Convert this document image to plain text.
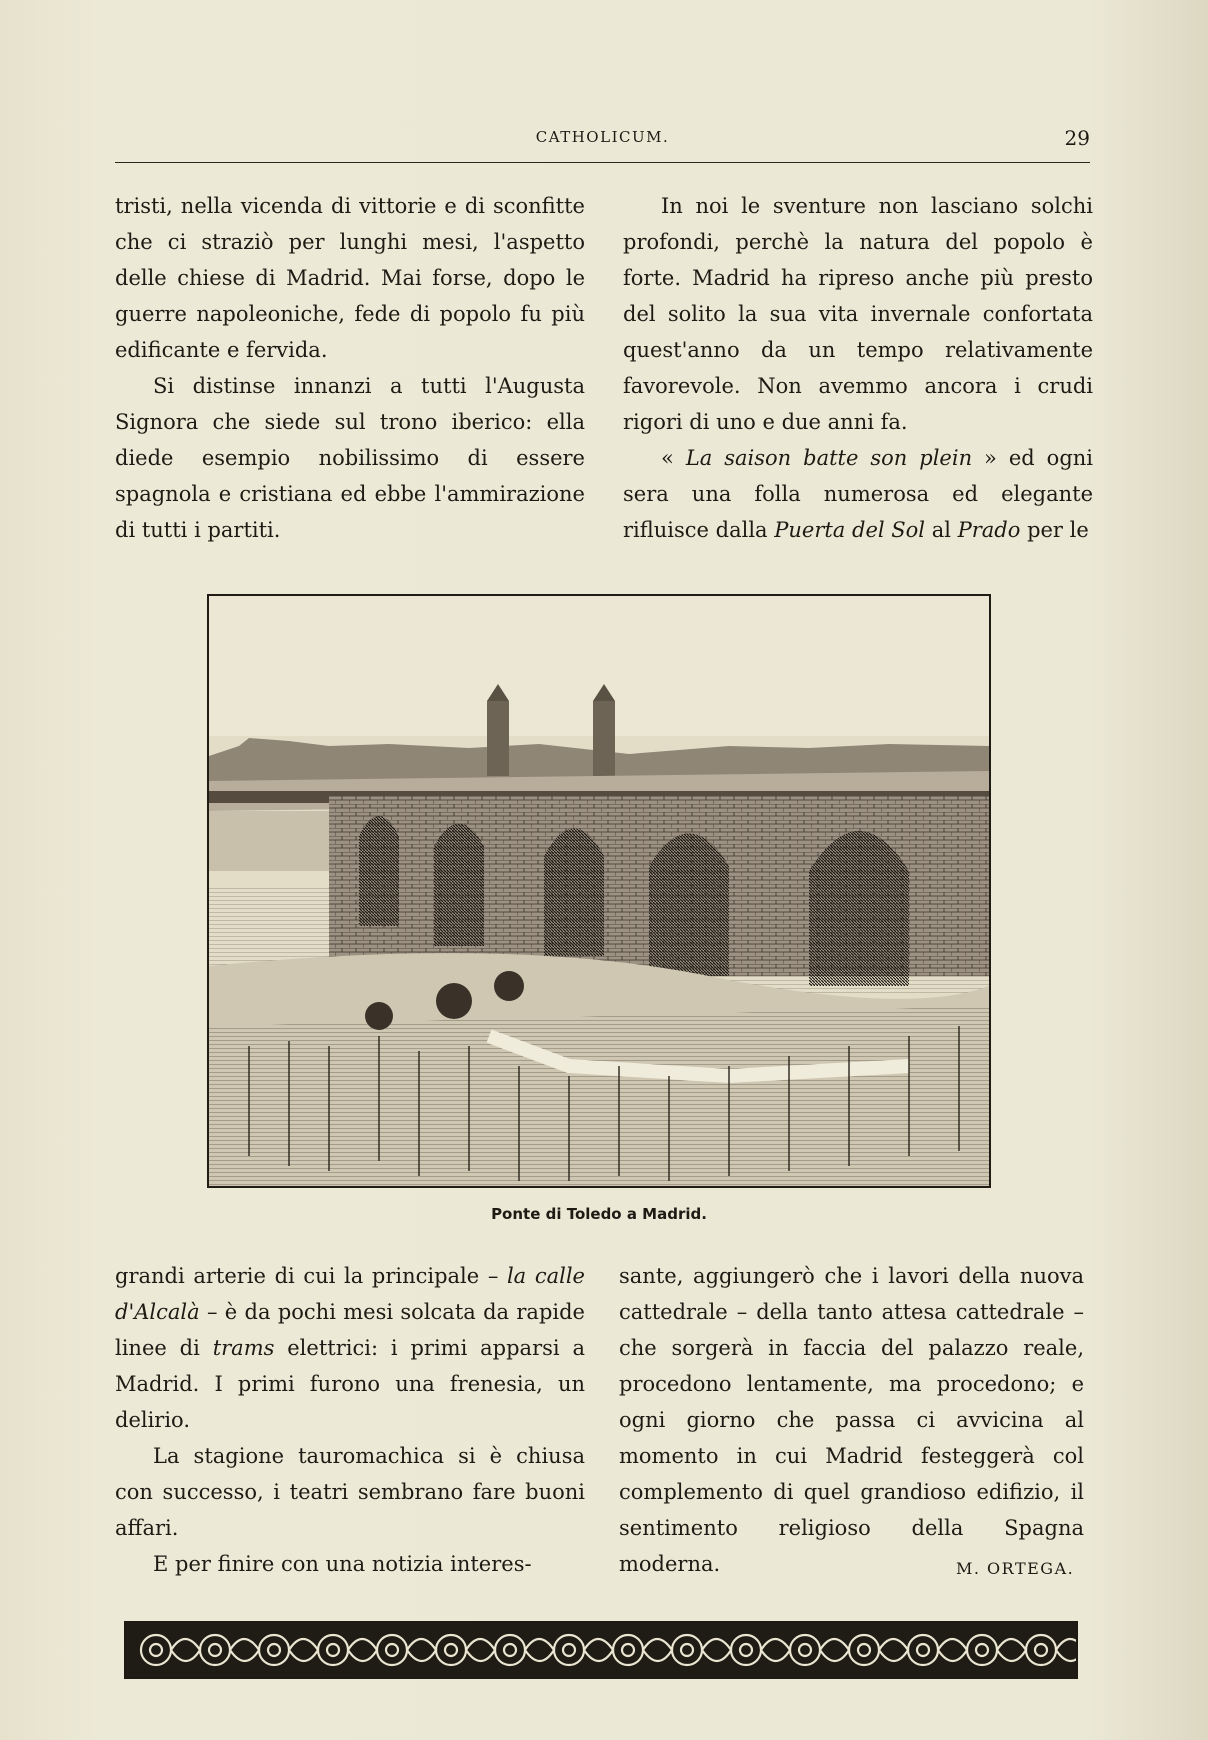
CATHOLICUM.	29

tristi, nella vicenda di vittorie e di sconfitte che ci straziò per lunghi mesi, l'aspetto delle chiese di Madrid. Mai forse, dopo le guerre napoleoniche, fede di popolo fu più edificante e fervida.

Si distinse innanzi a tutti l'Augusta Signora che siede sul trono iberico: ella diede esempio nobilissimo di essere spagnola e cristiana ed ebbe l'ammirazione di tutti i partiti.

In noi le sventure non lasciano solchi profondi, perchè la natura del popolo è forte. Madrid ha ripreso anche più presto del solito la sua vita invernale confortata quest'anno da un tempo relativamente favorevole. Non avemmo ancora i crudi rigori di uno e due anni fa.

« La saison batte son plein » ed ogni sera una folla numerosa ed elegante rifluisce dalla Puerta del Sol al Prado per le

Ponte di Toledo a Madrid.

grandi arterie di cui la principale – la calle d'Alcalà – è da pochi mesi solcata da rapide linee di trams elettrici: i primi apparsi a Madrid. I primi furono una frenesia, un delirio.

La stagione tauromachica si è chiusa con successo, i teatri sembrano fare buoni affari.

E per finire con una notizia interes-

sante, aggiungerò che i lavori della nuova cattedrale – della tanto attesa cattedrale – che sorgerà in faccia del palazzo reale, procedono lentamente, ma procedono; e ogni giorno che passa ci avvicina al momento in cui Madrid festeggerà col complemento di quel grandioso edifizio, il sentimento religioso della Spagna moderna.	M. ORTEGA.
